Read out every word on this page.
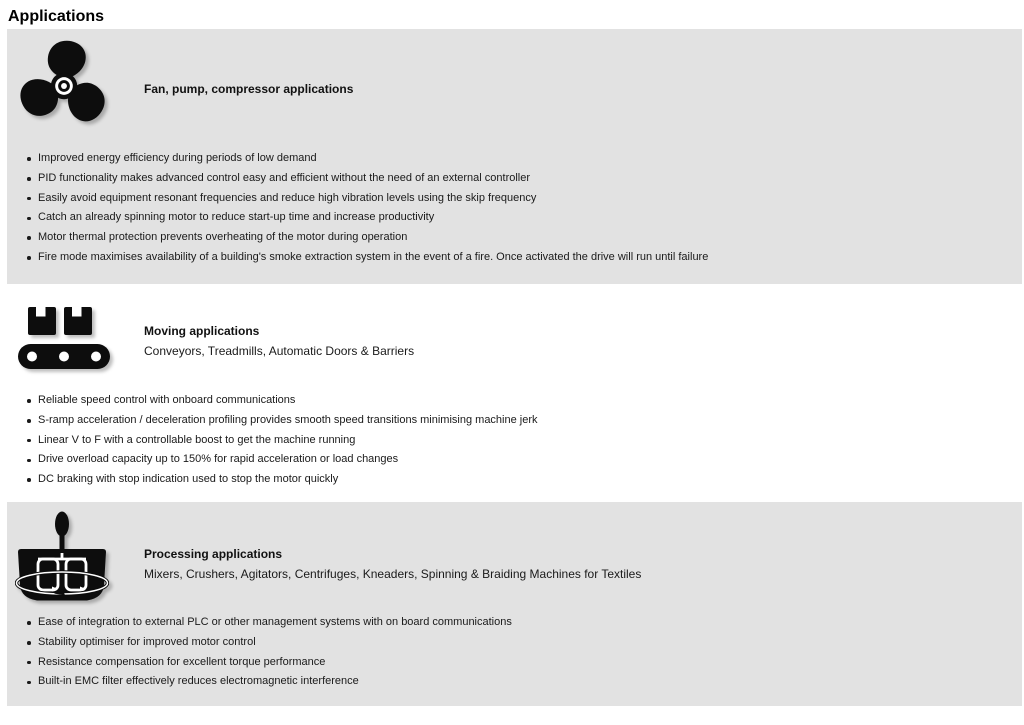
Applications
Fan, pump, compressor applications
Improved energy efficiency during periods of low demand
PID functionality makes advanced control easy and efficient without the need of an external controller
Easily avoid equipment resonant frequencies and reduce high vibration levels using the skip frequency
Catch an already spinning motor to reduce start-up time and increase productivity
Motor thermal protection prevents overheating of the motor during operation
Fire mode maximises availability of a building's smoke extraction system in the event of a fire. Once activated the drive will run until failure
Moving applications
Conveyors, Treadmills, Automatic Doors & Barriers
Reliable speed control with onboard communications
S-ramp acceleration / deceleration profiling provides smooth speed transitions minimising machine jerk
Linear V to F with a controllable boost to get the machine running
Drive overload capacity up to 150% for rapid acceleration or load changes
DC braking with stop indication used to stop the motor quickly
Processing applications
Mixers, Crushers, Agitators, Centrifuges, Kneaders, Spinning & Braiding Machines for Textiles
Ease of integration to external PLC or other management systems with on board communications
Stability optimiser for improved motor control
Resistance compensation for excellent torque performance
Built-in EMC filter effectively reduces electromagnetic interference
